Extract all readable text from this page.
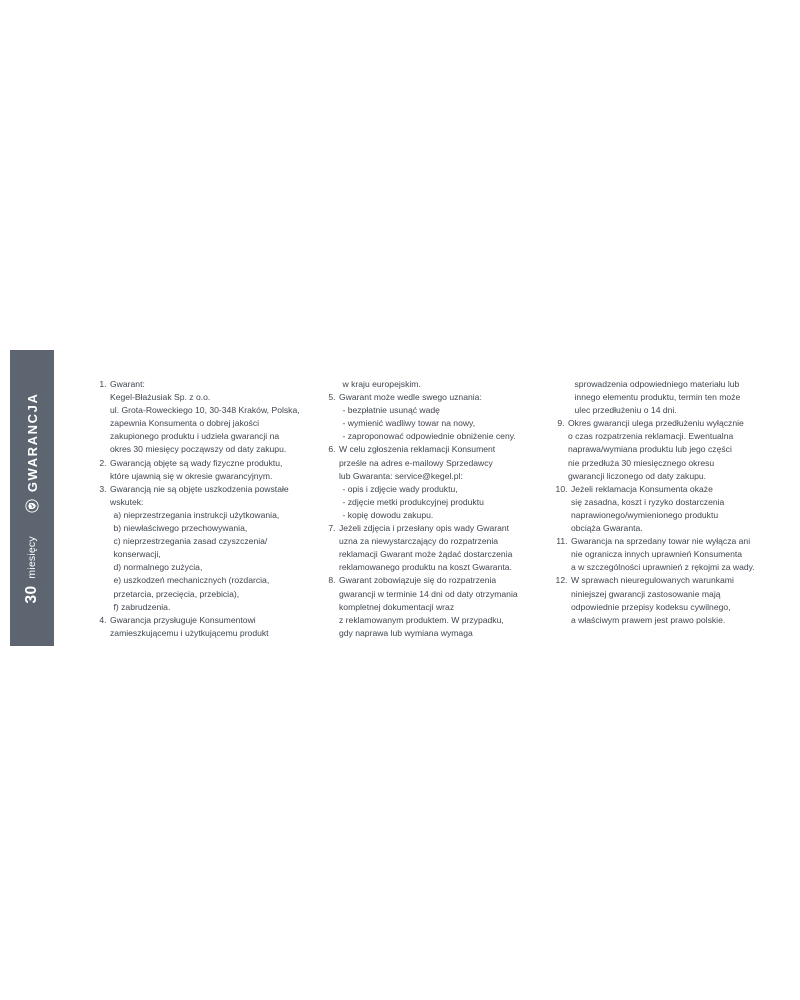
30
miesięcy
GWARANCJA
1. Gwarant:
Kegel-Błażusiak Sp. z o.o.
ul. Grota-Roweckiego 10, 30-348 Kraków, Polska,
zapewnia Konsumenta o dobrej jakości
zakupionego produktu i udziela gwarancji na
okres 30 miesięcy począwszy od daty zakupu.
2. Gwarancją objęte są wady fizyczne produktu,
które ujawnią się w okresie gwarancyjnym.
3. Gwarancją nie są objęte uszkodzenia powstałe
wskutek:
a) nieprzestrzegania instrukcji użytkowania,
b) niewłaściwego przechowywania,
c) nieprzestrzegania zasad czyszczenia/
konserwacji,
d) normalnego zużycia,
e) uszkodzeń mechanicznych (rozdarcia,
przetarcia, przecięcia, przebicia),
f) zabrudzenia.
4. Gwarancja przysługuje Konsumentowi
zamieszkującemu i użytkującemu produkt
w kraju europejskim.
5. Gwarant może wedle swego uznania:
- bezpłatnie usunąć wadę
- wymienić wadliwy towar na nowy,
- zaproponować odpowiednie obniżenie ceny.
6. W celu zgłoszenia reklamacji Konsument
prześle na adres e-mailowy Sprzedawcy
lub Gwaranta: service@kegel.pl:
- opis i zdjęcie wady produktu,
- zdjęcie metki produkcyjnej produktu
- kopię dowodu zakupu.
7. Jeżeli zdjęcia i przesłany opis wady Gwarant
uzna za niewystarczający do rozpatrzenia
reklamacji Gwarant może żądać dostarczenia
reklamowanego produktu na koszt Gwaranta.
8. Gwarant zobowiązuje się do rozpatrzenia
gwarancji w terminie 14 dni od daty otrzymania
kompletnej dokumentacji wraz
z reklamowanym produktem. W przypadku,
gdy naprawa lub wymiana wymaga
sprowadzenia odpowiedniego materiału lub
innego elementu produktu, termin ten może
ulec przedłużeniu o 14 dni.
9. Okres gwarancji ulega przedłużeniu wyłącznie
o czas rozpatrzenia reklamacji. Ewentualna
naprawa/wymiana produktu lub jego części
nie przedłuża 30 miesięcznego okresu
gwarancji liczonego od daty zakupu.
10. Jeżeli reklamacja Konsumenta okaże
się zasadna, koszt i ryzyko dostarczenia
naprawionego/wymienionego produktu
obciąża Gwaranta.
11. Gwarancja na sprzedany towar nie wyłącza ani
nie ogranicza innych uprawnień Konsumenta
a w szczególności uprawnień z rękojmi za wady.
12. W sprawach nieuregulowanych warunkami
niniejszej gwarancji zastosowanie mają
odpowiednie przepisy kodeksu cywilnego,
a właściwym prawem jest prawo polskie.
